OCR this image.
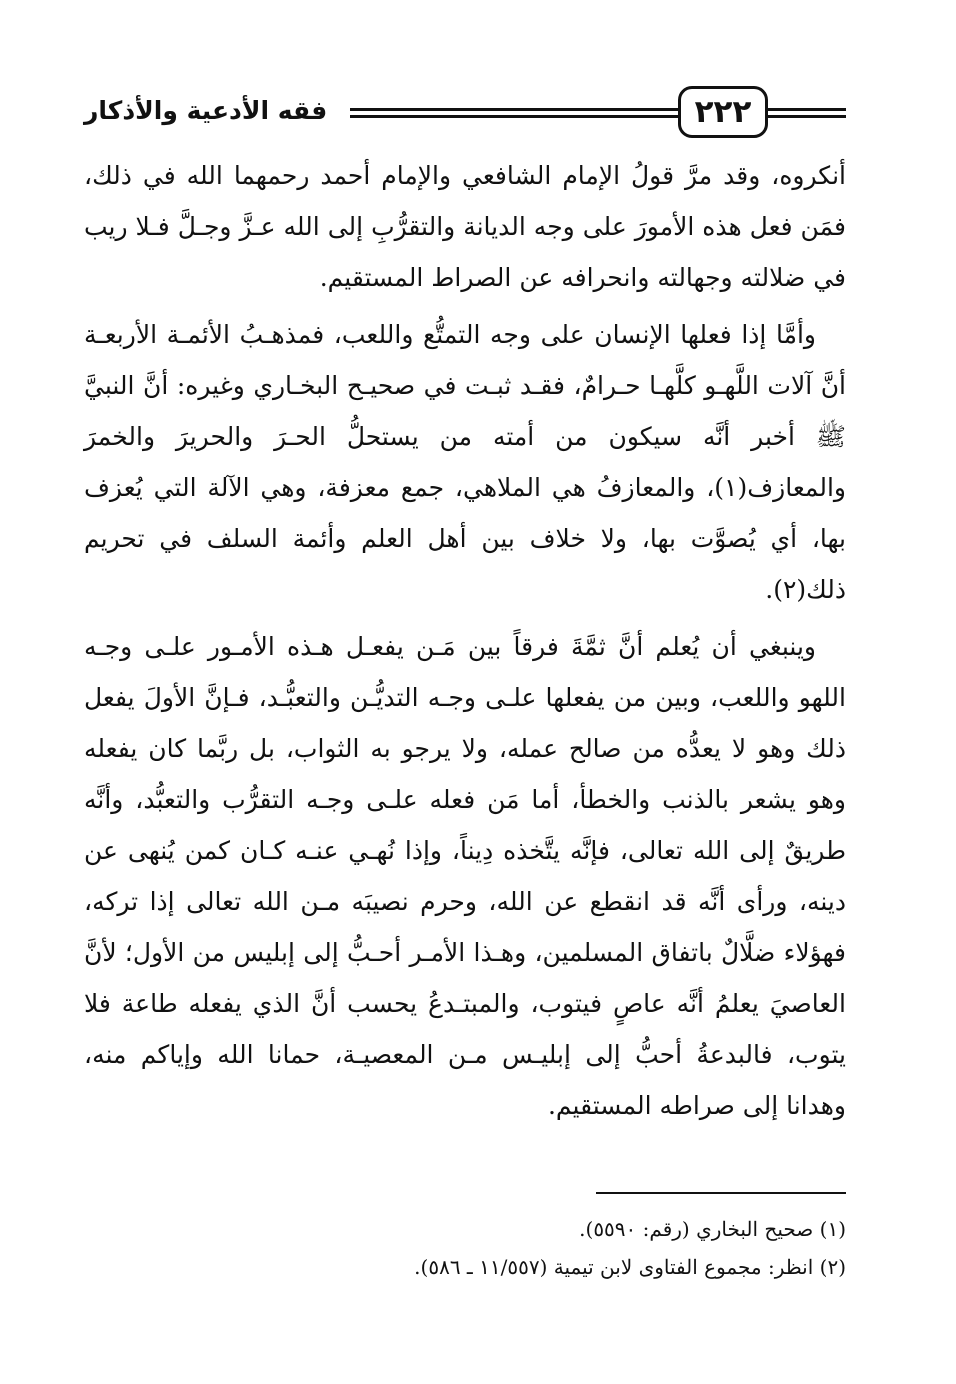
٢٢٢
فقه الأدعية والأذكار

أنكروه، وقد مرَّ قولُ الإمام الشافعي والإمام أحمد رحمهما الله في ذلك، فمَن فعل هذه الأمورَ على وجه الديانة والتقرُّبِ إلى الله عـزَّ وجـلَّ فـلا ريب في ضلالته وجهالته وانحرافه عن الصراط المستقيم.

وأمَّا إذا فعلها الإنسان على وجه التمتُّع واللعب، فمذهـبُ الأئمـة الأربعـة أنَّ آلات اللَّهـو كلَّهـا حـرامٌ، فقـد ثبـت في صحيـح البخـاري وغيره: أنَّ النبيَّ ﷺ أخبر أنَّه سيكون من أمته من يستحلُّ الحـرَ والحريرَ والخمرَ والمعازف(١)، والمعازفُ هي الملاهي، جمع معزفة، وهي الآلة التي يُعزف بها، أي يُصوَّت بها، ولا خلاف بين أهل العلم وأئمة السلف في تحريم ذلك(٢).

وينبغي أن يُعلم أنَّ ثمَّةَ فرقاً بين مَـن يفعـل هـذه الأمـور علـى وجـه اللهو واللعب، وبين من يفعلها علـى وجـه التديُّـن والتعبُّـد، فـإنَّ الأولَ يفعل ذلك وهو لا يعدُّه من صالح عمله، ولا يرجو به الثواب، بل ربَّما كان يفعله وهو يشعر بالذنب والخطأ، أما مَن فعله علـى وجـه التقرُّب والتعبُّد، وأنَّه طريقٌ إلى الله تعالى، فإنَّه يتَّخذه دِيناً، وإذا نُهـي عنـه كـان كمن يُنهى عن دينه، ورأى أنَّه قد انقطع عن الله، وحرم نصيبَه مـن الله تعالى إذا تركه، فهؤلاء ضلَّالٌ باتفاق المسلمين، وهـذا الأمـر أحـبُّ إلى إبليس من الأول؛ لأنَّ العاصيَ يعلمُ أنَّه عاصٍ فيتوب، والمبتـدعُ يحسب أنَّ الذي يفعله طاعة فلا يتوب، فالبدعةُ أحبُّ إلى إبليـس مـن المعصيـة، حمانا الله وإياكم منه، وهدانا إلى صراطه المستقيم.

(١) صحيح البخاري (رقم: ٥٥٩٠).
(٢) انظر: مجموع الفتاوى لابن تيمية (١١/٥٥٧ ـ ٥٨٦).
